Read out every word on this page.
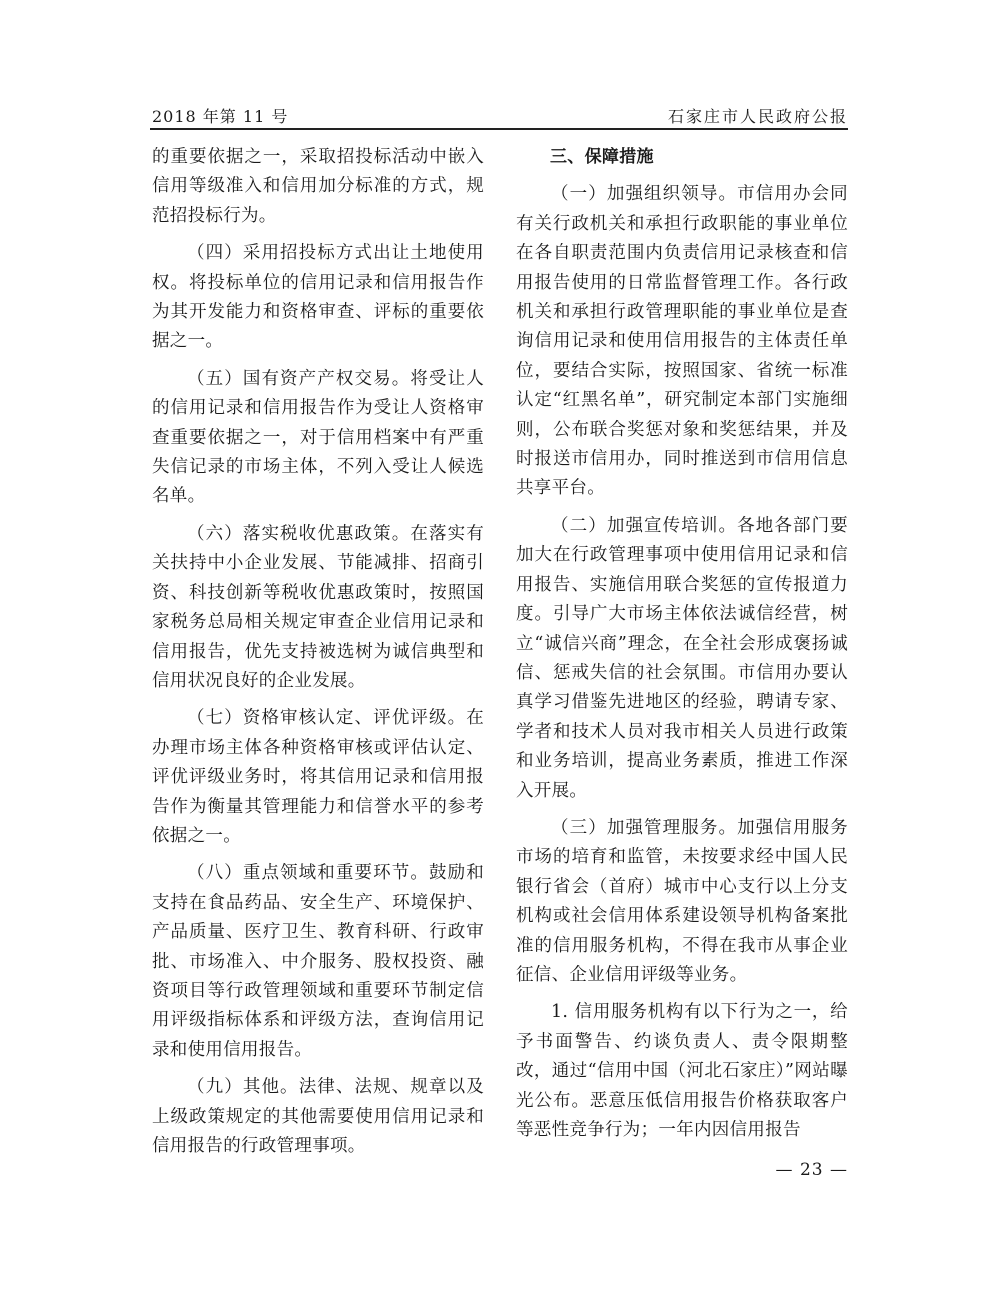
2018 年第 11 号	石家庄市人民政府公报

的重要依据之一，采取招投标活动中嵌入信用等级准入和信用加分标准的方式，规范招投标行为。

（四）采用招投标方式出让土地使用权。将投标单位的信用记录和信用报告作为其开发能力和资格审查、评标的重要依据之一。

（五）国有资产产权交易。将受让人的信用记录和信用报告作为受让人资格审查重要依据之一，对于信用档案中有严重失信记录的市场主体，不列入受让人候选名单。

（六）落实税收优惠政策。在落实有关扶持中小企业发展、节能减排、招商引资、科技创新等税收优惠政策时，按照国家税务总局相关规定审查企业信用记录和信用报告，优先支持被选树为诚信典型和信用状况良好的企业发展。

（七）资格审核认定、评优评级。在办理市场主体各种资格审核或评估认定、评优评级业务时，将其信用记录和信用报告作为衡量其管理能力和信誉水平的参考依据之一。

（八）重点领域和重要环节。鼓励和支持在食品药品、安全生产、环境保护、产品质量、医疗卫生、教育科研、行政审批、市场准入、中介服务、股权投资、融资项目等行政管理领域和重要环节制定信用评级指标体系和评级方法，查询信用记录和使用信用报告。

（九）其他。法律、法规、规章以及上级政策规定的其他需要使用信用记录和信用报告的行政管理事项。

三、保障措施

（一）加强组织领导。市信用办会同有关行政机关和承担行政职能的事业单位在各自职责范围内负责信用记录核查和信用报告使用的日常监督管理工作。各行政机关和承担行政管理职能的事业单位是查询信用记录和使用信用报告的主体责任单位，要结合实际，按照国家、省统一标准认定“红黑名单”，研究制定本部门实施细则，公布联合奖惩对象和奖惩结果，并及时报送市信用办，同时推送到市信用信息共享平台。

（二）加强宣传培训。各地各部门要加大在行政管理事项中使用信用记录和信用报告、实施信用联合奖惩的宣传报道力度。引导广大市场主体依法诚信经营，树立“诚信兴商”理念，在全社会形成褒扬诚信、惩戒失信的社会氛围。市信用办要认真学习借鉴先进地区的经验，聘请专家、学者和技术人员对我市相关人员进行政策和业务培训，提高业务素质，推进工作深入开展。

（三）加强管理服务。加强信用服务市场的培育和监管，未按要求经中国人民银行省会（首府）城市中心支行以上分支机构或社会信用体系建设领导机构备案批准的信用服务机构，不得在我市从事企业征信、企业信用评级等业务。

1. 信用服务机构有以下行为之一，给予书面警告、约谈负责人、责令限期整改，通过“信用中国（河北石家庄）”网站曝光公布。恶意压低信用报告价格获取客户等恶性竞争行为；一年内因信用报告

— 23 —
